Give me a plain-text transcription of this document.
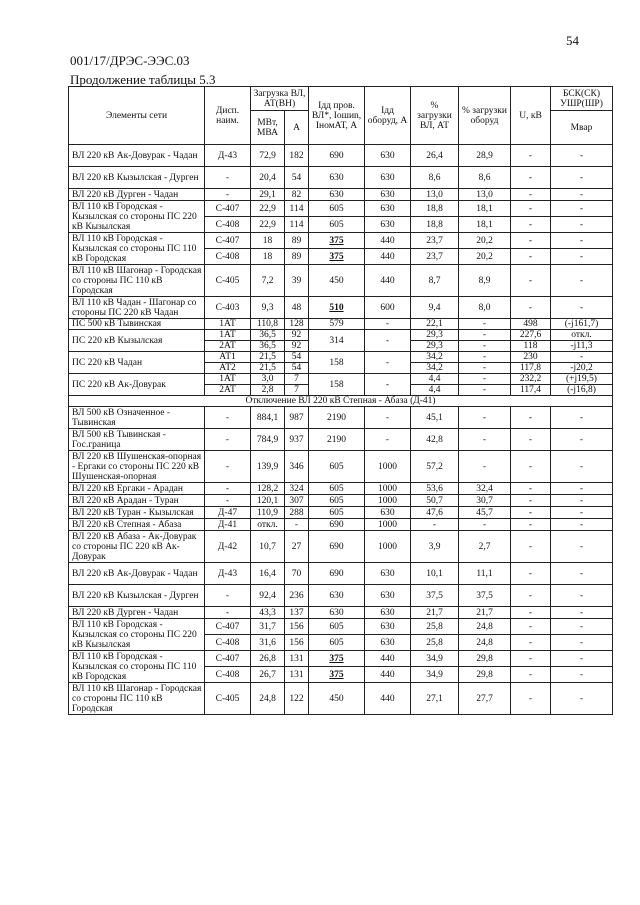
54
001/17/ДРЭС-ЭЭС.03
Продолжение таблицы 5.3
Элементы сети	Дисп. наим.	Загрузка ВЛ, АТ(ВН)		Iдд пров. ВЛ*, Iошиn, IномАТ, А	Iдд оборуд, А	% загрузки ВЛ, АТ	% загрузки оборуд	U, кВ	БСК(СК) УШР(ШР)
		МВт, МВА	А						Мвар
ВЛ 220 кВ Ак-Довурак - Чадан	Д-43	72,9	182	690	630	26,4	28,9	-	-
ВЛ 220 кВ Кызылская - Дурген	-	20,4	54	630	630	8,6	8,6	-	-
ВЛ 220 кВ Дурген - Чадан	-	29,1	82	630	630	13,0	13,0	-	-
ВЛ 110 кВ Городская - Кызылская со стороны ПС 220 кВ Кызылская	С-407	22,9	114	605	630	18,8	18,1	-	-
	С-408	22,9	114	605	630	18,8	18,1	-	-
ВЛ 110 кВ Городская - Кызылская со стороны ПС 110 кВ Городская	С-407	18	89	375	440	23,7	20,2	-	-
	С-408	18	89	375	440	23,7	20,2	-	-
ВЛ 110 кВ Шагонар - Городская со стороны ПС 110 кВ Городская	С-405	7,2	39	450	440	8,7	8,9	-	-
ВЛ 110 кВ Чадан - Шагонар со стороны ПС 220 кВ Чадан	С-403	9,3	48	510	600	9,4	8,0	-	-
ПС 500 кВ Тывинская	1АТ	110,8	128	579	-	22,1	-	498	(-j161,7)
ПС 220 кВ Кызылская	1АТ	36,5	92	314	-	29,3	-	227,6	откл.
	2АТ	36,5	92			29,3	-	118	-j11,3
ПС 220 кВ Чадан	АТ1	21,5	54	158	-	34,2	-	230	-
	АТ2	21,5	54			34,2	-	117,8	-j20,2
ПС 220 кВ Ак-Довурак	1АТ	3,0	7	158	-	4,4	-	232,2	(+j19,5)
	2АТ	2,8	7			4,4	-	117,4	(-j16,8)
Отключение ВЛ 220 кВ Степная - Абаза (Д-41)									
ВЛ 500 кВ Означенное - Тывинская	-	884,1	987	2190	-	45,1	-	-	-
ВЛ 500 кВ Тывинская - Гос.граница	-	784,9	937	2190	-	42,8	-	-	-
ВЛ 220 кВ Шушенская-опорная - Ергаки со стороны ПС 220 кВ Шушенская-опорная	-	139,9	346	605	1000	57,2	-	-	-
ВЛ 220 кВ Ергаки - Арадан	-	128,2	324	605	1000	53,6	32,4	-	-
ВЛ 220 кВ Арадан - Туран	-	120,1	307	605	1000	50,7	30,7	-	-
ВЛ 220 кВ Туран - Кызылская	Д-47	110,9	288	605	630	47,6	45,7	-	-
ВЛ 220 кВ Степная - Абаза	Д-41	откл.	-	690	1000	-	-	-	-
ВЛ 220 кВ Абаза - Ак-Довурак со стороны ПС 220 кВ Ак-Довурак	Д-42	10,7	27	690	1000	3,9	2,7	-	-
ВЛ 220 кВ Ак-Довурак - Чадан	Д-43	16,4	70	690	630	10,1	11,1	-	-
ВЛ 220 кВ Кызылская - Дурген	-	92,4	236	630	630	37,5	37,5	-	-
ВЛ 220 кВ Дурген - Чадан	-	43,3	137	630	630	21,7	21,7	-	-
ВЛ 110 кВ Городская - Кызылская со стороны ПС 220 кВ Кызылская	С-407	31,7	156	605	630	25,8	24,8	-	-
	С-408	31,6	156	605	630	25,8	24,8	-	-
ВЛ 110 кВ Городская - Кызылская со стороны ПС 110 кВ Городская	С-407	26,8	131	375	440	34,9	29,8	-	-
	С-408	26,7	131	375	440	34,9	29,8	-	-
ВЛ 110 кВ Шагонар - Городская со стороны ПС 110 кВ Городская	С-405	24,8	122	450	440	27,1	27,7	-	-
